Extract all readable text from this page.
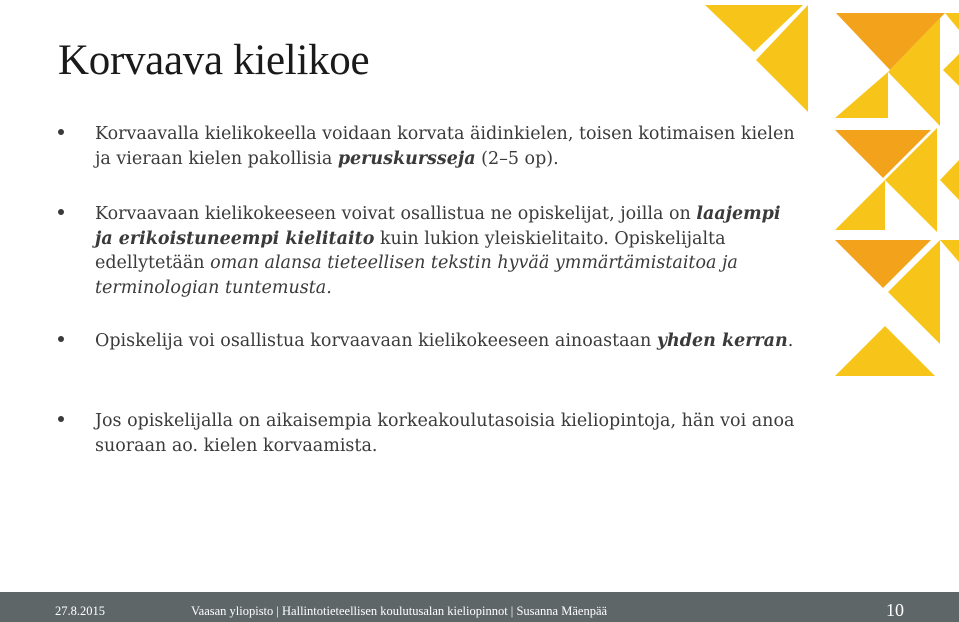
Korvaava kielikoe
Korvaavalla kielikokeella voidaan korvata äidinkielen, toisen kotimaisen kielen ja vieraan kielen pakollisia peruskursseja (2–5 op).
Korvaavaan kielikokeeseen voivat osallistua ne opiskelijat, joilla on laajempi ja erikoistuneempi kielitaito kuin lukion yleiskielitaito. Opiskelijalta edellytetään oman alansa tieteellisen tekstin hyvää ymmärtämistaitoa ja terminologian tuntemusta.
Opiskelija voi osallistua korvaavaan kielikokeeseen ainoastaan yhden kerran.
Jos opiskelijalla on aikaisempia korkeakoulutasoisia kieliopintoja, hän voi anoa suoraan ao. kielen korvaamista.
27.8.2015	Vaasan yliopisto | Hallintotieteellisen koulutusalan kieliopinnot | Susanna Mäenpää	10
